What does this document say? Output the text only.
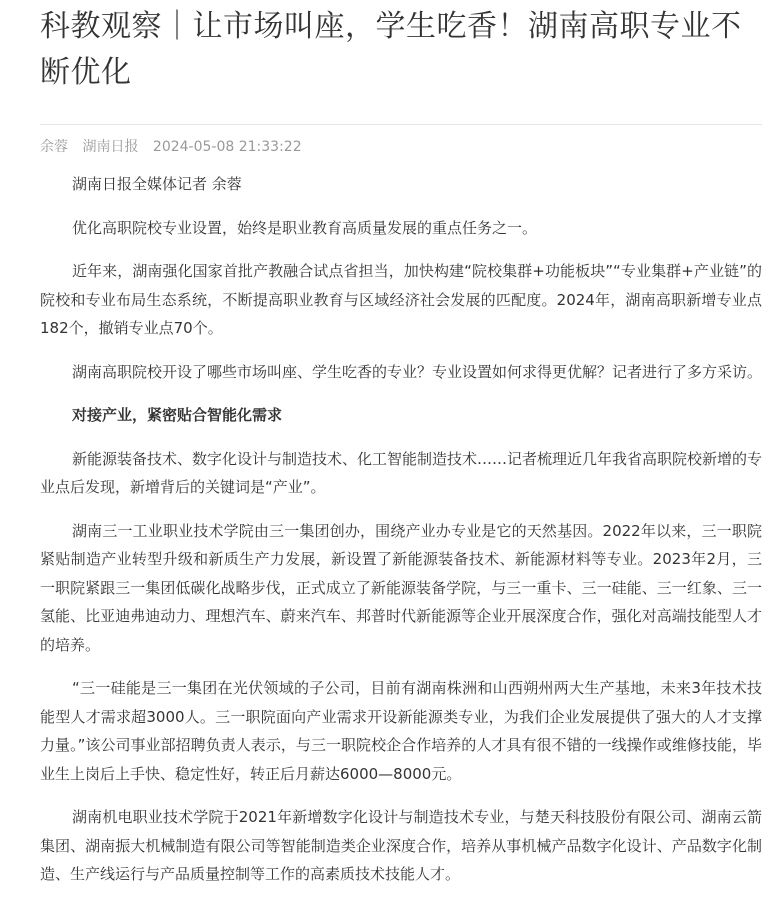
科教观察｜让市场叫座，学生吃香！湖南高职专业不断优化
余蓉 湖南日报 2024-05-08 21:33:22

湖南日报全媒体记者 余蓉

优化高职院校专业设置，始终是职业教育高质量发展的重点任务之一。

近年来，湖南强化国家首批产教融合试点省担当，加快构建“院校集群+功能板块”“专业集群+产业链”的院校和专业布局生态系统，不断提高职业教育与区域经济社会发展的匹配度。2024年，湖南高职新增专业点182个，撤销专业点70个。

湖南高职院校开设了哪些市场叫座、学生吃香的专业？专业设置如何求得更优解？记者进行了多方采访。

对接产业，紧密贴合智能化需求

新能源装备技术、数字化设计与制造技术、化工智能制造技术……记者梳理近几年我省高职院校新增的专业点后发现，新增背后的关键词是“产业”。

湖南三一工业职业技术学院由三一集团创办，围绕产业办专业是它的天然基因。2022年以来，三一职院紧贴制造产业转型升级和新质生产力发展，新设置了新能源装备技术、新能源材料等专业。2023年2月，三一职院紧跟三一集团低碳化战略步伐，正式成立了新能源装备学院，与三一重卡、三一硅能、三一红象、三一氢能、比亚迪弗迪动力、理想汽车、蔚来汽车、邦普时代新能源等企业开展深度合作，强化对高端技能型人才的培养。

“三一硅能是三一集团在光伏领域的子公司，目前有湖南株洲和山西朔州两大生产基地，未来3年技术技能型人才需求超3000人。三一职院面向产业需求开设新能源类专业，为我们企业发展提供了强大的人才支撑力量。”该公司事业部招聘负责人表示，与三一职院校企合作培养的人才具有很不错的一线操作或维修技能，毕业生上岗后上手快、稳定性好，转正后月薪达6000—8000元。

湖南机电职业技术学院于2021年新增数字化设计与制造技术专业，与楚天科技股份有限公司、湖南云箭集团、湖南振大机械制造有限公司等智能制造类企业深度合作，培养从事机械产品数字化设计、产品数字化制造、生产线运行与产品质量控制等工作的高素质技术技能人才。
